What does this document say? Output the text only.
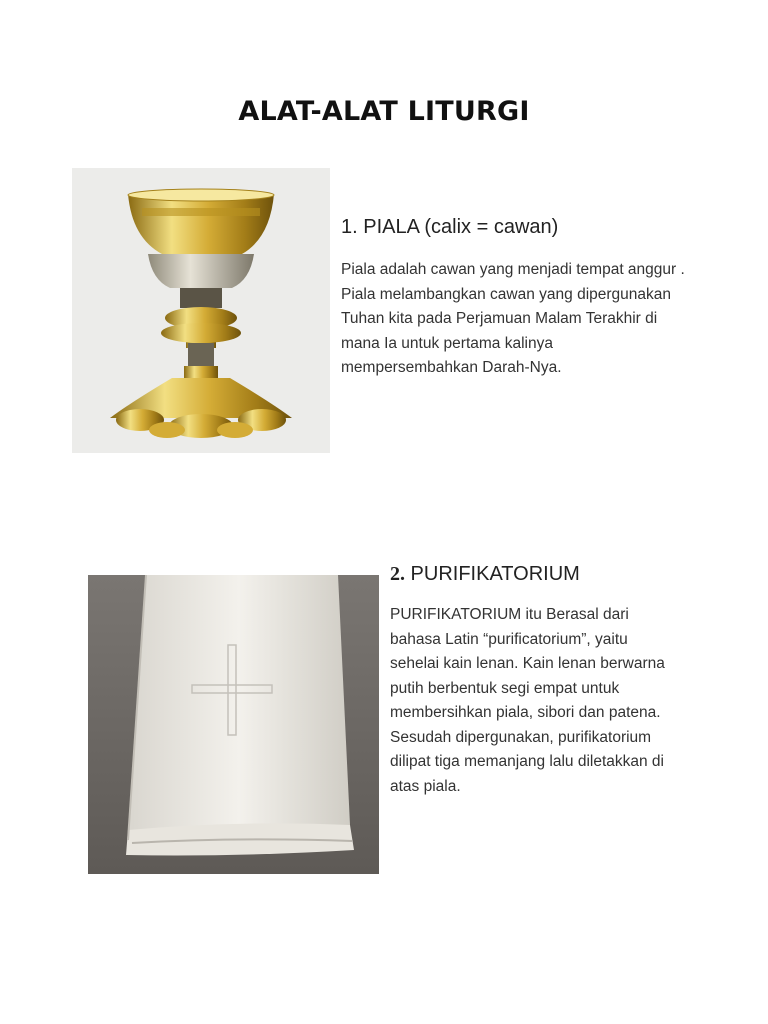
ALAT-ALAT LITURGI
1. PIALA (calix = cawan)
Piala adalah cawan yang menjadi tempat anggur . Piala melambangkan cawan yang dipergunakan Tuhan kita pada Perjamuan Malam Terakhir di mana Ia untuk pertama kalinya mempersembahkan Darah-Nya.
2. PURIFIKATORIUM
PURIFIKATORIUM itu Berasal dari bahasa Latin “purificatorium”, yaitu sehelai kain lenan. Kain lenan berwarna putih berbentuk segi empat untuk membersihkan piala, sibori dan patena. Sesudah dipergunakan, purifikatorium dilipat tiga memanjang lalu diletakkan di atas piala.
